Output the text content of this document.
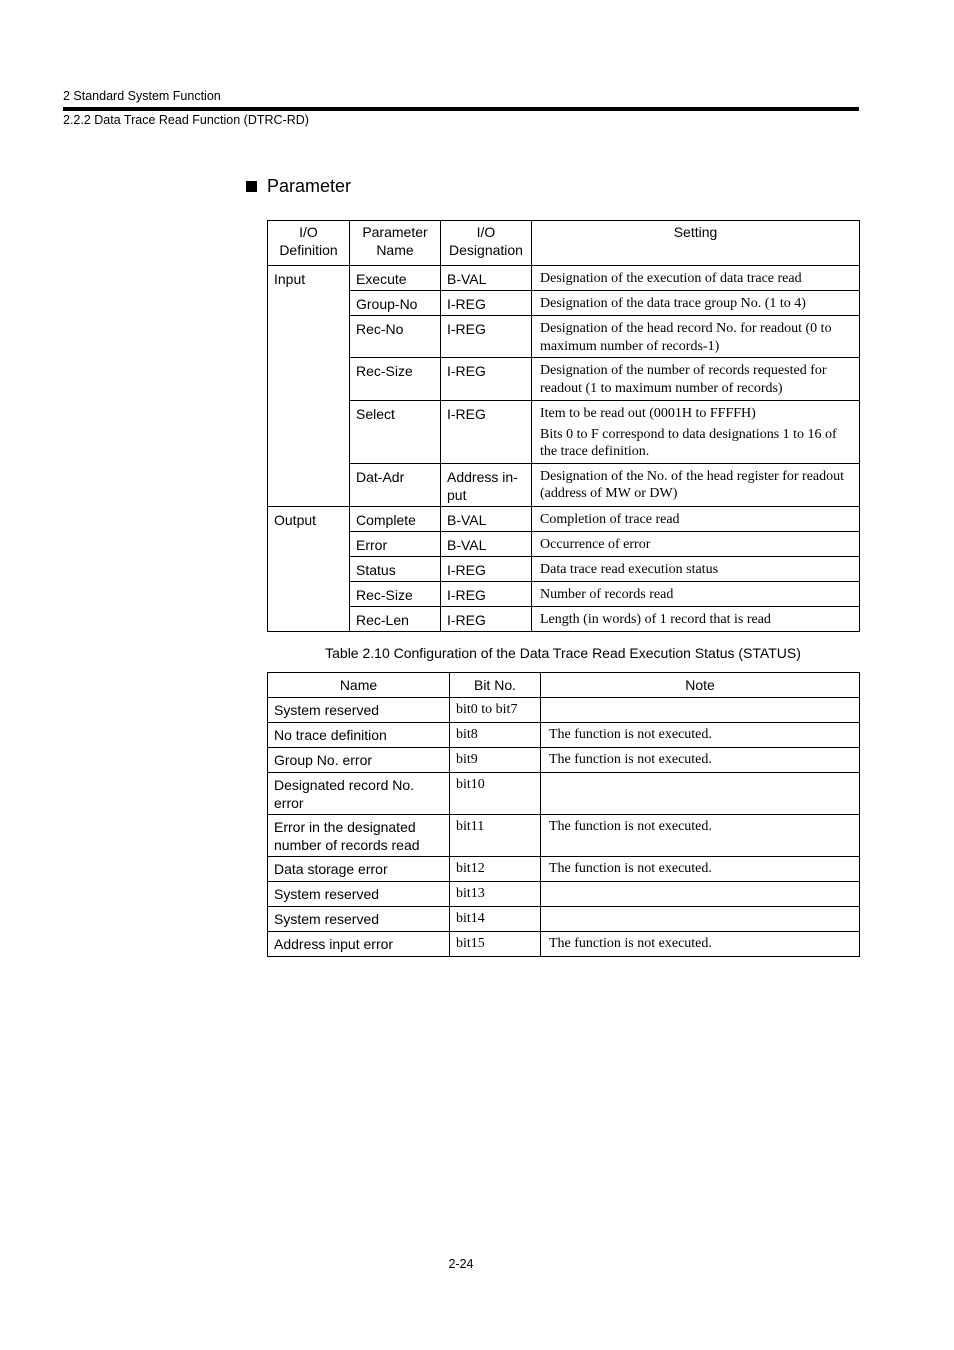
2 Standard System Function
2.2.2 Data Trace Read Function (DTRC-RD)
Parameter
I/O Definition	Parameter Name	I/O Designation	Setting
Input	Execute	B-VAL	Designation of the execution of data trace read
	Group-No	I-REG	Designation of the data trace group No. (1 to 4)
	Rec-No	I-REG	Designation of the head record No. for readout (0 to maximum number of records-1)
	Rec-Size	I-REG	Designation of the number of records requested for readout (1 to maximum number of records)
	Select	I-REG	Item to be read out (0001H to FFFFH)
Bits 0 to F correspond to data designations 1 to 16 of the trace definition.

	Dat-Adr	Address in-put	Designation of the No. of the head register for readout (address of MW or DW)
Output	Complete	B-VAL	Completion of trace read
	Error	B-VAL	Occurrence of error
	Status	I-REG	Data trace read execution status
	Rec-Size	I-REG	Number of records read
	Rec-Len	I-REG	Length (in words) of 1 record that is read
Table 2.10 Configuration of the Data Trace Read Execution Status (STATUS)
Name	Bit No.	Note
System reserved	bit0 to bit7	
No trace definition	bit8	The function is not executed.
Group No. error	bit9	The function is not executed.
Designated record No. error	bit10	
Error in the designated number of records read	bit11	The function is not executed.
Data storage error	bit12	The function is not executed.
System reserved	bit13	
System reserved	bit14	
Address input error	bit15	The function is not executed.
2-24
